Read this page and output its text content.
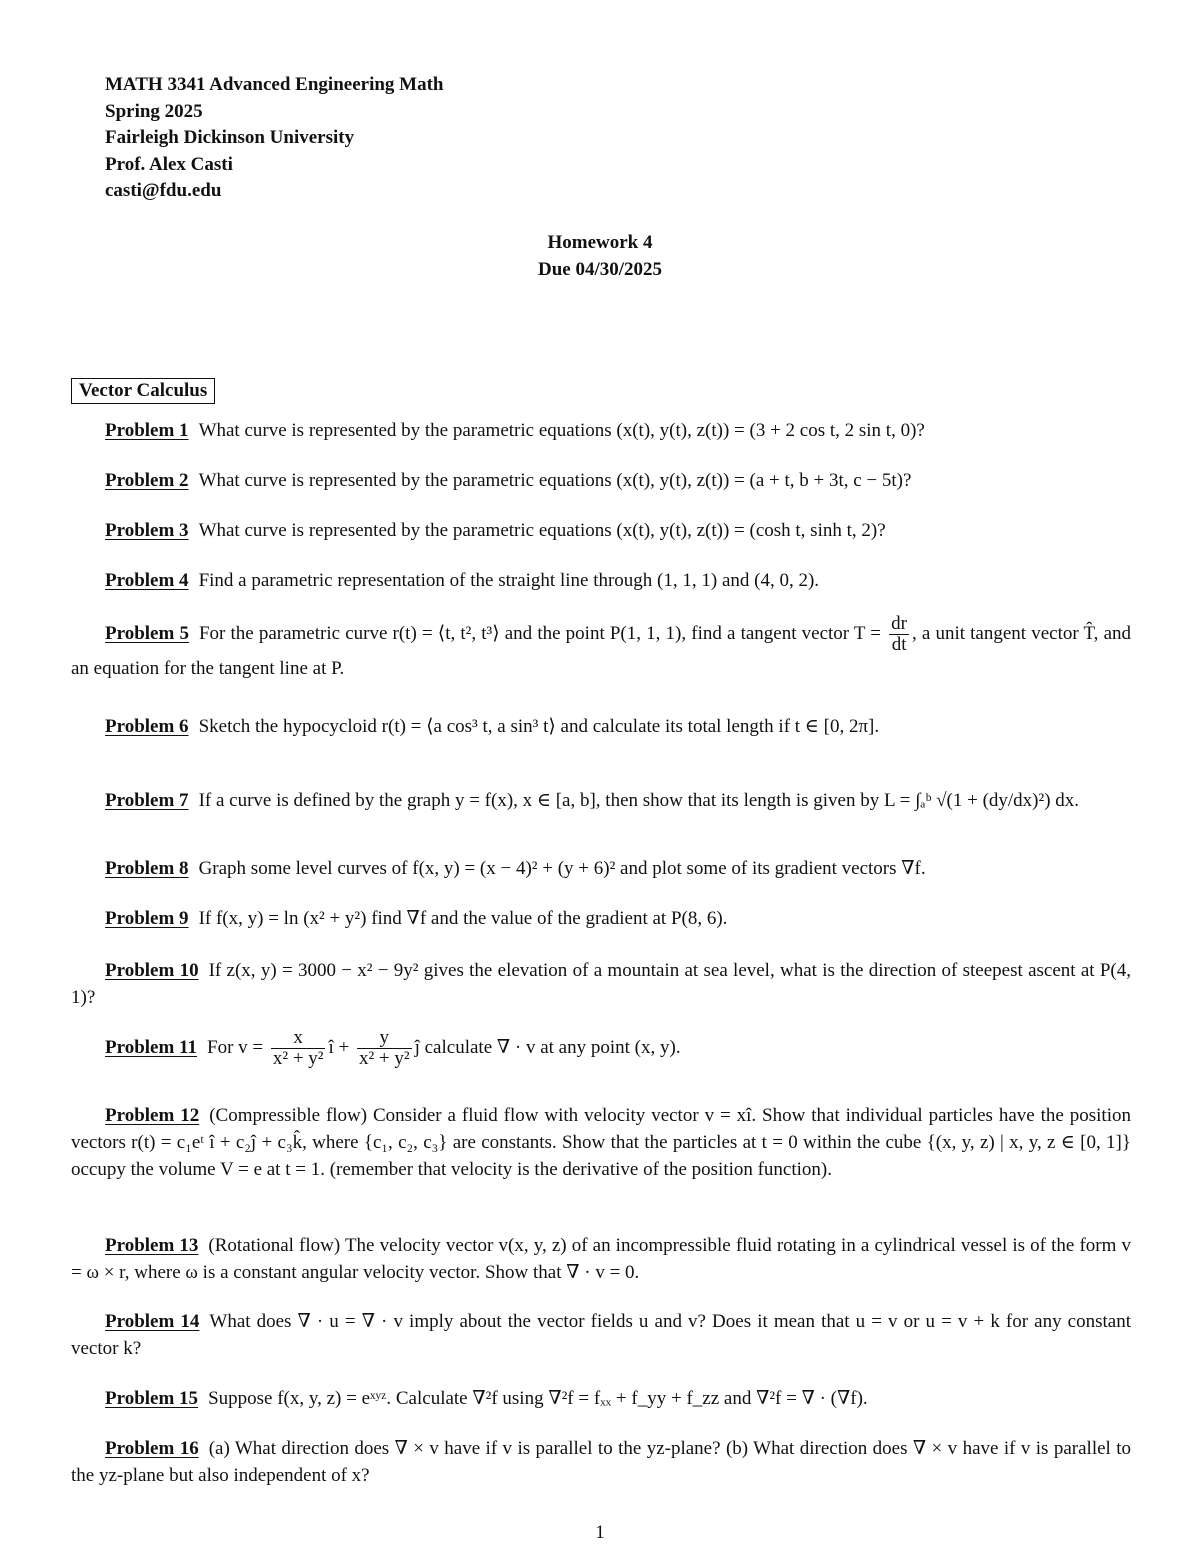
MATH 3341 Advanced Engineering Math
Spring 2025
Fairleigh Dickinson University
Prof. Alex Casti
casti@fdu.edu
Homework 4
Due 04/30/2025
Vector Calculus
Problem 1 What curve is represented by the parametric equations (x(t), y(t), z(t)) = (3 + 2 cos t, 2 sin t, 0)?
Problem 2 What curve is represented by the parametric equations (x(t), y(t), z(t)) = (a + t, b + 3t, c − 5t)?
Problem 3 What curve is represented by the parametric equations (x(t), y(t), z(t)) = (cosh t, sinh t, 2)?
Problem 4 Find a parametric representation of the straight line through (1, 1, 1) and (4, 0, 2).
Problem 5 For the parametric curve r(t) = ⟨t, t², t³⟩ and the point P(1, 1, 1), find a tangent vector $T = \frac{dr}{dt}$ , a unit tangent vector T̂, and an equation for the tangent line at P.
Problem 6 Sketch the hypocycloid r(t) = ⟨a cos³ t, a sin³ t⟩ and calculate its total length if t ∈ [0, 2π].
Problem 7 If a curve is defined by the graph y = f(x), x ∈ [a, b], then show that its length is given by L = ∫ₐᵇ √(1 + (dy/dx)²) dx.
Problem 8 Graph some level curves of f(x, y) = (x − 4)² + (y + 6)² and plot some of its gradient vectors ∇f.
Problem 9 If f(x, y) = ln (x² + y²) find ∇f and the value of the gradient at P(8, 6).
Problem 10 If z(x, y) = 3000 − x² − 9y² gives the elevation of a mountain at sea level, what is the direction of steepest ascent at P(4, 1)?
Problem 11 For $v = \frac{x}{\text{x² + y²}}$ î + $\frac{y}{\text{x² + y²}}$ ĵ calculate ∇ · v at any point (x, y).
Problem 12 (Compressible flow) Consider a fluid flow with velocity vector v = xî. Show that individual particles have the position vectors r(t) = c₁eᵗ î + c₂ĵ + c₃k̂, where {c₁, c₂, c₃} are constants. Show that the particles at t = 0 within the cube {(x, y, z) | x, y, z ∈ [0, 1]} occupy the volume V = e at t = 1. (remember that velocity is the derivative of the position function).
Problem 13 (Rotational flow) The velocity vector v(x, y, z) of an incompressible fluid rotating in a cylindrical vessel is of the form v = ω × r, where ω is a constant angular velocity vector. Show that ∇ · v = 0.
Problem 14 What does ∇ · u = ∇ · v imply about the vector fields u and v? Does it mean that u = v or u = v + k for any constant vector k?
Problem 15 Suppose f(x, y, z) = eˣʸᶻ. Calculate ∇²f using ∇²f = fₓₓ + f_yy + f_zz and ∇²f = ∇ · (∇f).
Problem 16 (a) What direction does ∇ × v have if v is parallel to the yz-plane? (b) What direction does ∇ × v have if v is parallel to the yz-plane but also independent of x?
1
